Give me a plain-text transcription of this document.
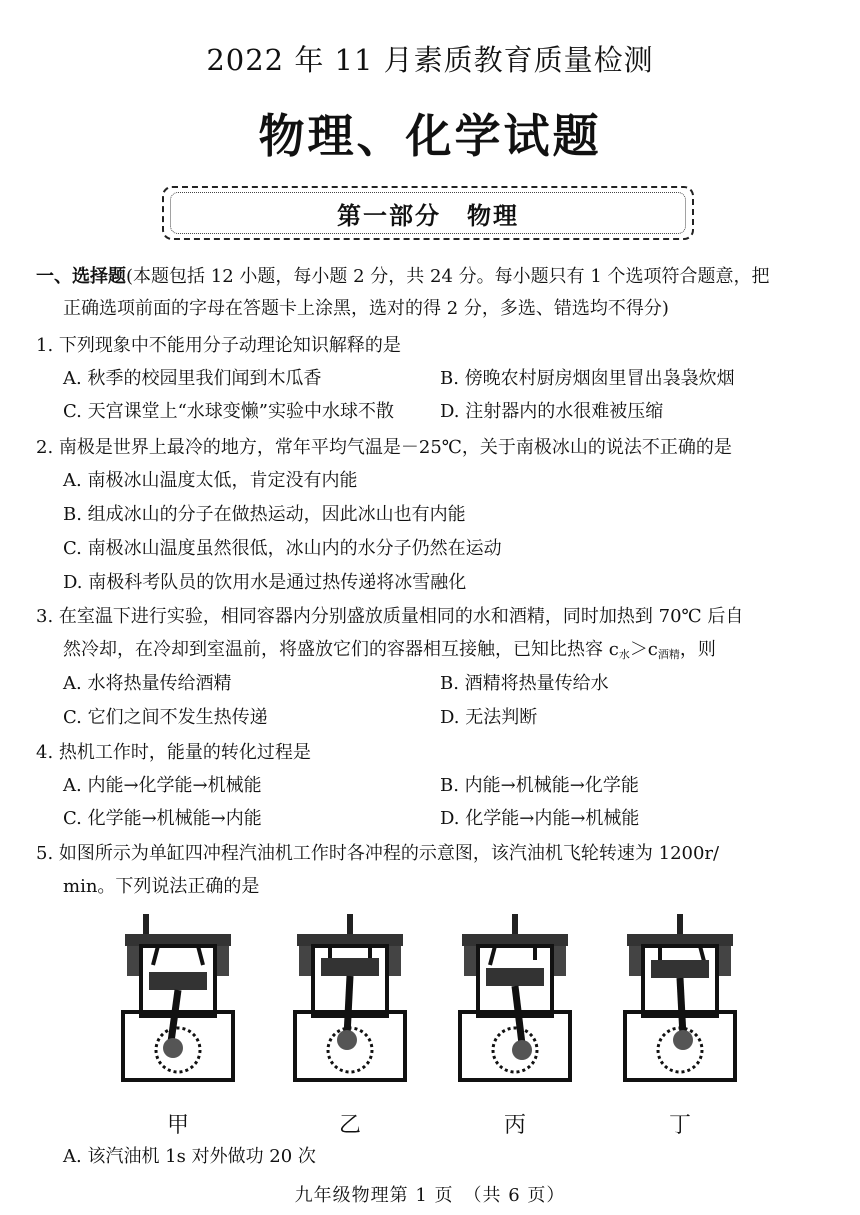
2022 年 11 月素质教育质量检测
物理、化学试题
第一部分　物理
一、选择题(本题包括 12 小题，每小题 2 分，共 24 分。每小题只有 1 个选项符合题意，把
正确选项前面的字母在答题卡上涂黑，选对的得 2 分，多选、错选均不得分)
1. 下列现象中不能用分子动理论知识解释的是
A. 秋季的校园里我们闻到木瓜香	B. 傍晚农村厨房烟囱里冒出袅袅炊烟
C. 天宫课堂上“水球变懒”实验中水球不散	D. 注射器内的水很难被压缩
2. 南极是世界上最冷的地方，常年平均气温是－25℃，关于南极冰山的说法不正确的是
A. 南极冰山温度太低，肯定没有内能
B. 组成冰山的分子在做热运动，因此冰山也有内能
C. 南极冰山温度虽然很低，冰山内的水分子仍然在运动
D. 南极科考队员的饮用水是通过热传递将冰雪融化
3. 在室温下进行实验，相同容器内分别盛放质量相同的水和酒精，同时加热到 70℃ 后自
然冷却，在冷却到室温前，将盛放它们的容器相互接触，已知比热容 c水＞c酒精，则
A. 水将热量传给酒精	B. 酒精将热量传给水
C. 它们之间不发生热传递	D. 无法判断
4. 热机工作时，能量的转化过程是
A. 内能→化学能→机械能	B. 内能→机械能→化学能
C. 化学能→机械能→内能	D. 化学能→内能→机械能
5. 如图所示为单缸四冲程汽油机工作时各冲程的示意图，该汽油机飞轮转速为 1200r/
min。下列说法正确的是
甲	乙	丙	丁
A. 该汽油机 1s 对外做功 20 次
九年级物理第 1 页　（共 6 页）
